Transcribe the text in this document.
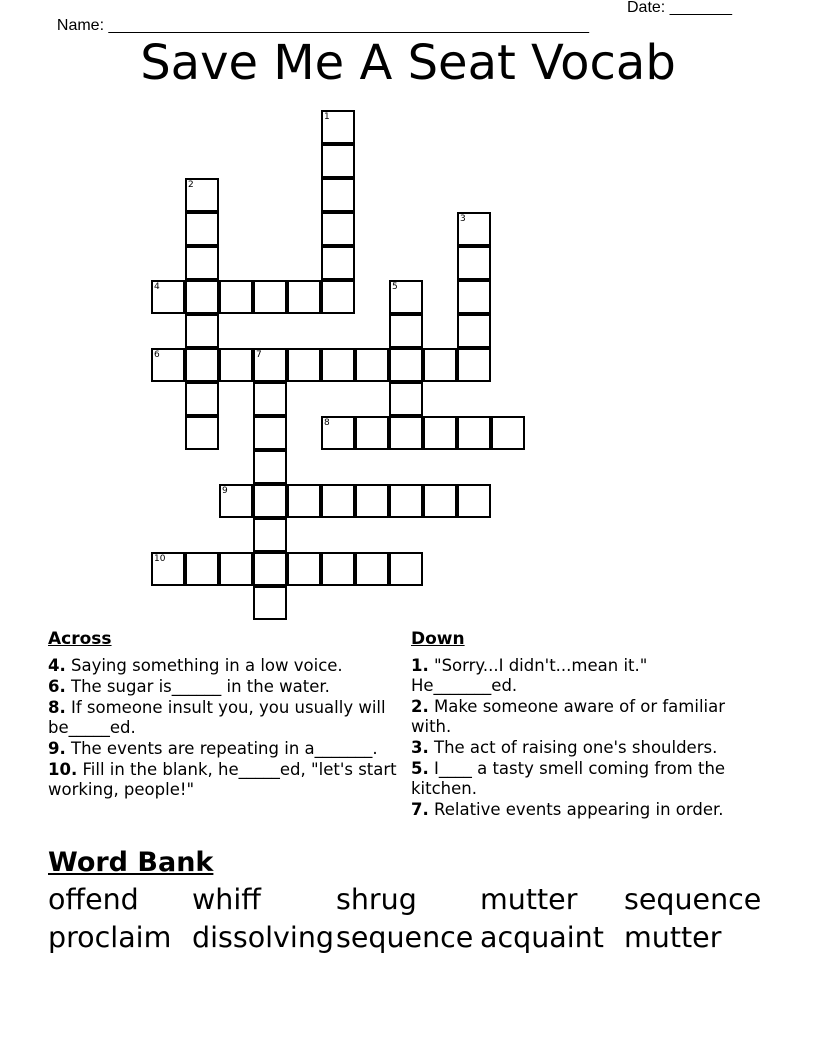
Name: ______________________________________________________

Date: _______

Save Me A Seat Vocab
1
2
3
4	5
6	7
8
9
10
Across
4. Saying something in a low voice.
6. The sugar is______ in the water.
8. If someone insult you, you usually will be_____ed.
9. The events are repeating in a_______.
10. Fill in the blank, he_____ed, "let's start working, people!"
Down
1. "Sorry...I didn't...mean it." He_______ed.
2. Make someone aware of or familiar with.
3. The act of raising one's shoulders.
5. I____ a tasty smell coming from the kitchen.
7. Relative events appearing in order.
Word Bank
offend	whiff	shrug	mutter	sequence
proclaim dissolving sequence acquaint mutter
